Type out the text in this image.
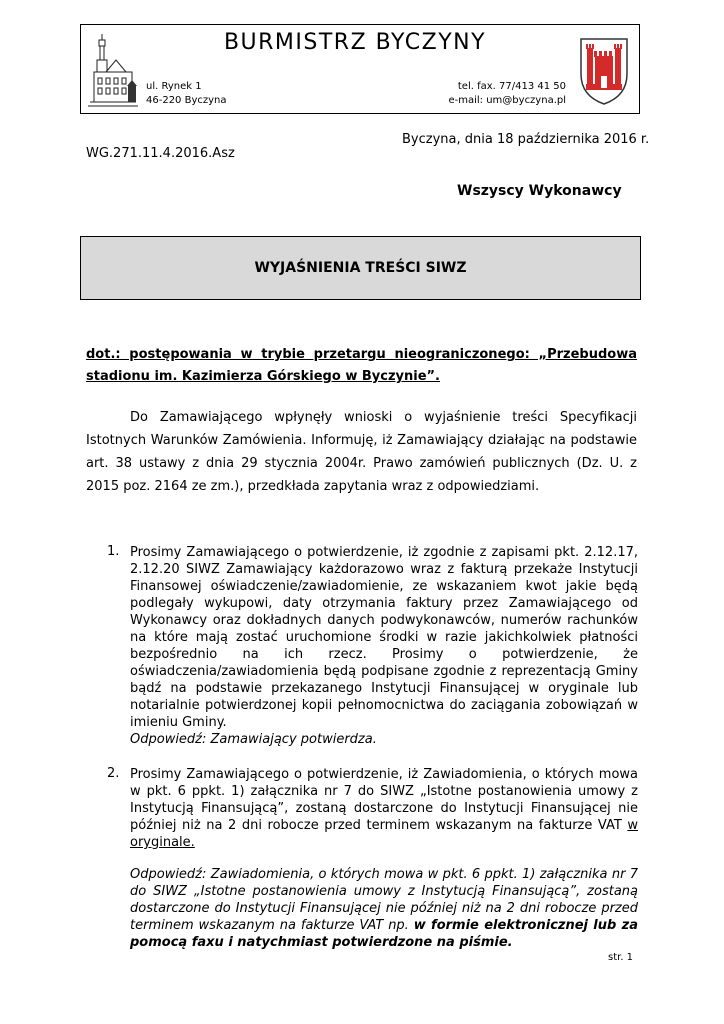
BURMISTRZ BYCZYNY
ul. Rynek 1
46-220 Byczyna
tel. fax. 77/413 41 50
e-mail: um@byczyna.pl
Byczyna, dnia 18 października 2016 r.
WG.271.11.4.2016.Asz
Wszyscy Wykonawcy
WYJAŚNIENIA TREŚCI SIWZ
dot.: postępowania w trybie przetargu nieograniczonego: „Przebudowa
stadionu im. Kazimierza Górskiego w Byczynie”.
Do Zamawiającego wpłynęły wnioski o wyjaśnienie treści Specyfikacji Istotnych Warunków Zamówienia. Informuję, iż Zamawiający działając na podstawie art. 38 ustawy z dnia 29 stycznia 2004r. Prawo zamówień publicznych (Dz. U. z 2015 poz. 2164 ze zm.), przedkłada zapytania wraz z odpowiedziami.
1. Prosimy Zamawiającego o potwierdzenie, iż zgodnie z zapisami pkt. 2.12.17, 2.12.20 SIWZ Zamawiający każdorazowo wraz z fakturą przekaże Instytucji Finansowej oświadczenie/zawiadomienie, ze wskazaniem kwot jakie będą podlegały wykupowi, daty otrzymania faktury przez Zamawiającego od Wykonawcy oraz dokładnych danych podwykonawców, numerów rachunków na które mają zostać uruchomione środki w razie jakichkolwiek płatności bezpośrednio na ich rzecz. Prosimy o potwierdzenie, że oświadczenia/zawiadomienia będą podpisane zgodnie z reprezentacją Gminy bądź na podstawie przekazanego Instytucji Finansującej w oryginale lub notarialnie potwierdzonej kopii pełnomocnictwa do zaciągania zobowiązań w imieniu Gminy.
Odpowiedź: Zamawiający potwierdza.
2. Prosimy Zamawiającego o potwierdzenie, iż Zawiadomienia, o których mowa w pkt. 6 ppkt. 1) załącznika nr 7 do SIWZ „Istotne postanowienia umowy z Instytucją Finansującą”, zostaną dostarczone do Instytucji Finansującej nie później niż na 2 dni robocze przed terminem wskazanym na fakturze VAT w oryginale.
Odpowiedź: Zawiadomienia, o których mowa w pkt. 6 ppkt. 1) załącznika nr 7 do SIWZ „Istotne postanowienia umowy z Instytucją Finansującą”, zostaną dostarczone do Instytucji Finansującej nie później niż na 2 dni robocze przed terminem wskazanym na fakturze VAT np. w formie elektronicznej lub za pomocą faxu i natychmiast potwierdzone na piśmie.
str. 1
